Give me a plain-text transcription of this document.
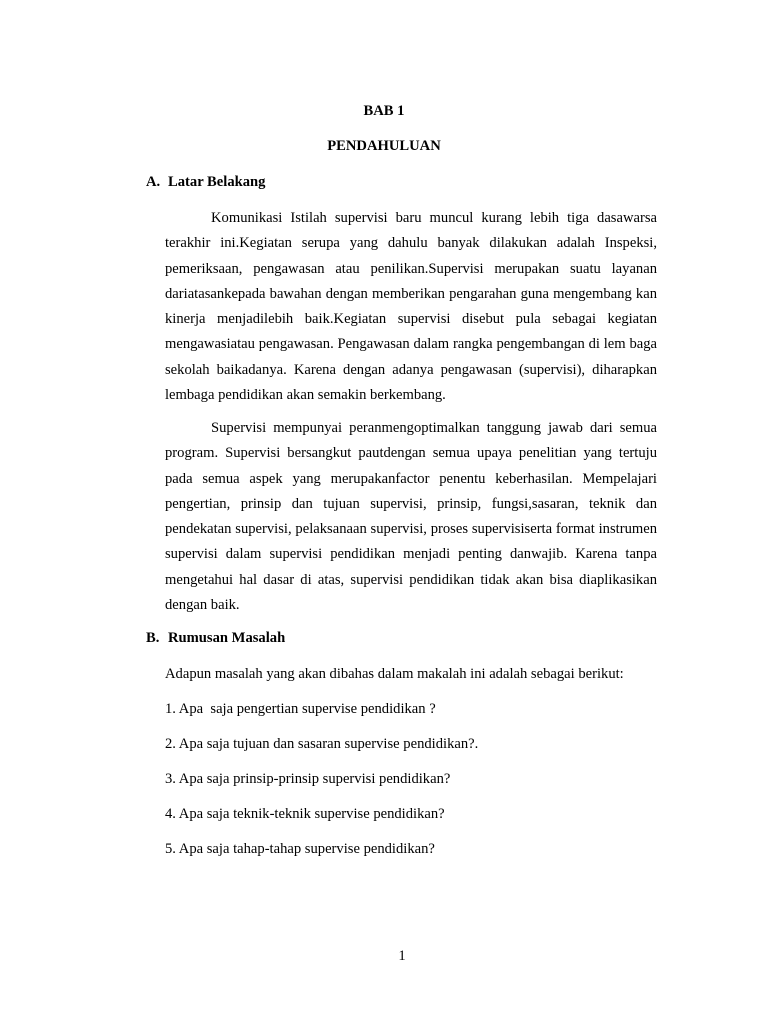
BAB 1
PENDAHULUAN
A. Latar Belakang

Komunikasi Istilah supervisi baru muncul kurang lebih tiga dasawarsa terakhir ini.Kegiatan serupa yang dahulu banyak dilakukan adalah Inspeksi, pemeriksaan, pengawasan atau penilikan.Supervisi merupakan suatu layanan dariatasankepada bawahan dengan memberikan pengarahan guna mengembang kan kinerja menjadilebih baik.Kegiatan supervisi disebut pula sebagai kegiatan mengawasiatau pengawasan. Pengawasan dalam rangka pengembangan di lem baga sekolah baikadanya. Karena dengan adanya pengawasan (supervisi), diharapkan lembaga pendidikan akan semakin berkembang.

Supervisi mempunyai peranmengoptimalkan tanggung jawab dari semua program. Supervisi bersangkut pautdengan semua upaya penelitian yang tertuju pada semua aspek yang merupakanfactor penentu keberhasilan. Mempelajari pengertian, prinsip dan tujuan supervisi, prinsip, fungsi,sasaran, teknik dan pendekatan supervisi, pelaksanaan supervisi, proses supervisiserta format instrumen supervisi dalam supervisi pendidikan menjadi penting danwajib. Karena tanpa mengetahui hal dasar di atas, supervisi pendidikan tidak akan bisa diaplikasikan dengan baik.

B. Rumusan Masalah
Adapun masalah yang akan dibahas dalam makalah ini adalah sebagai berikut:
1. Apa  saja pengertian supervise pendidikan ?
2. Apa saja tujuan dan sasaran supervise pendidikan?.
3. Apa saja prinsip-prinsip supervisi pendidikan?
4. Apa saja teknik-teknik supervise pendidikan?
5. Apa saja tahap-tahap supervise pendidikan?
1
